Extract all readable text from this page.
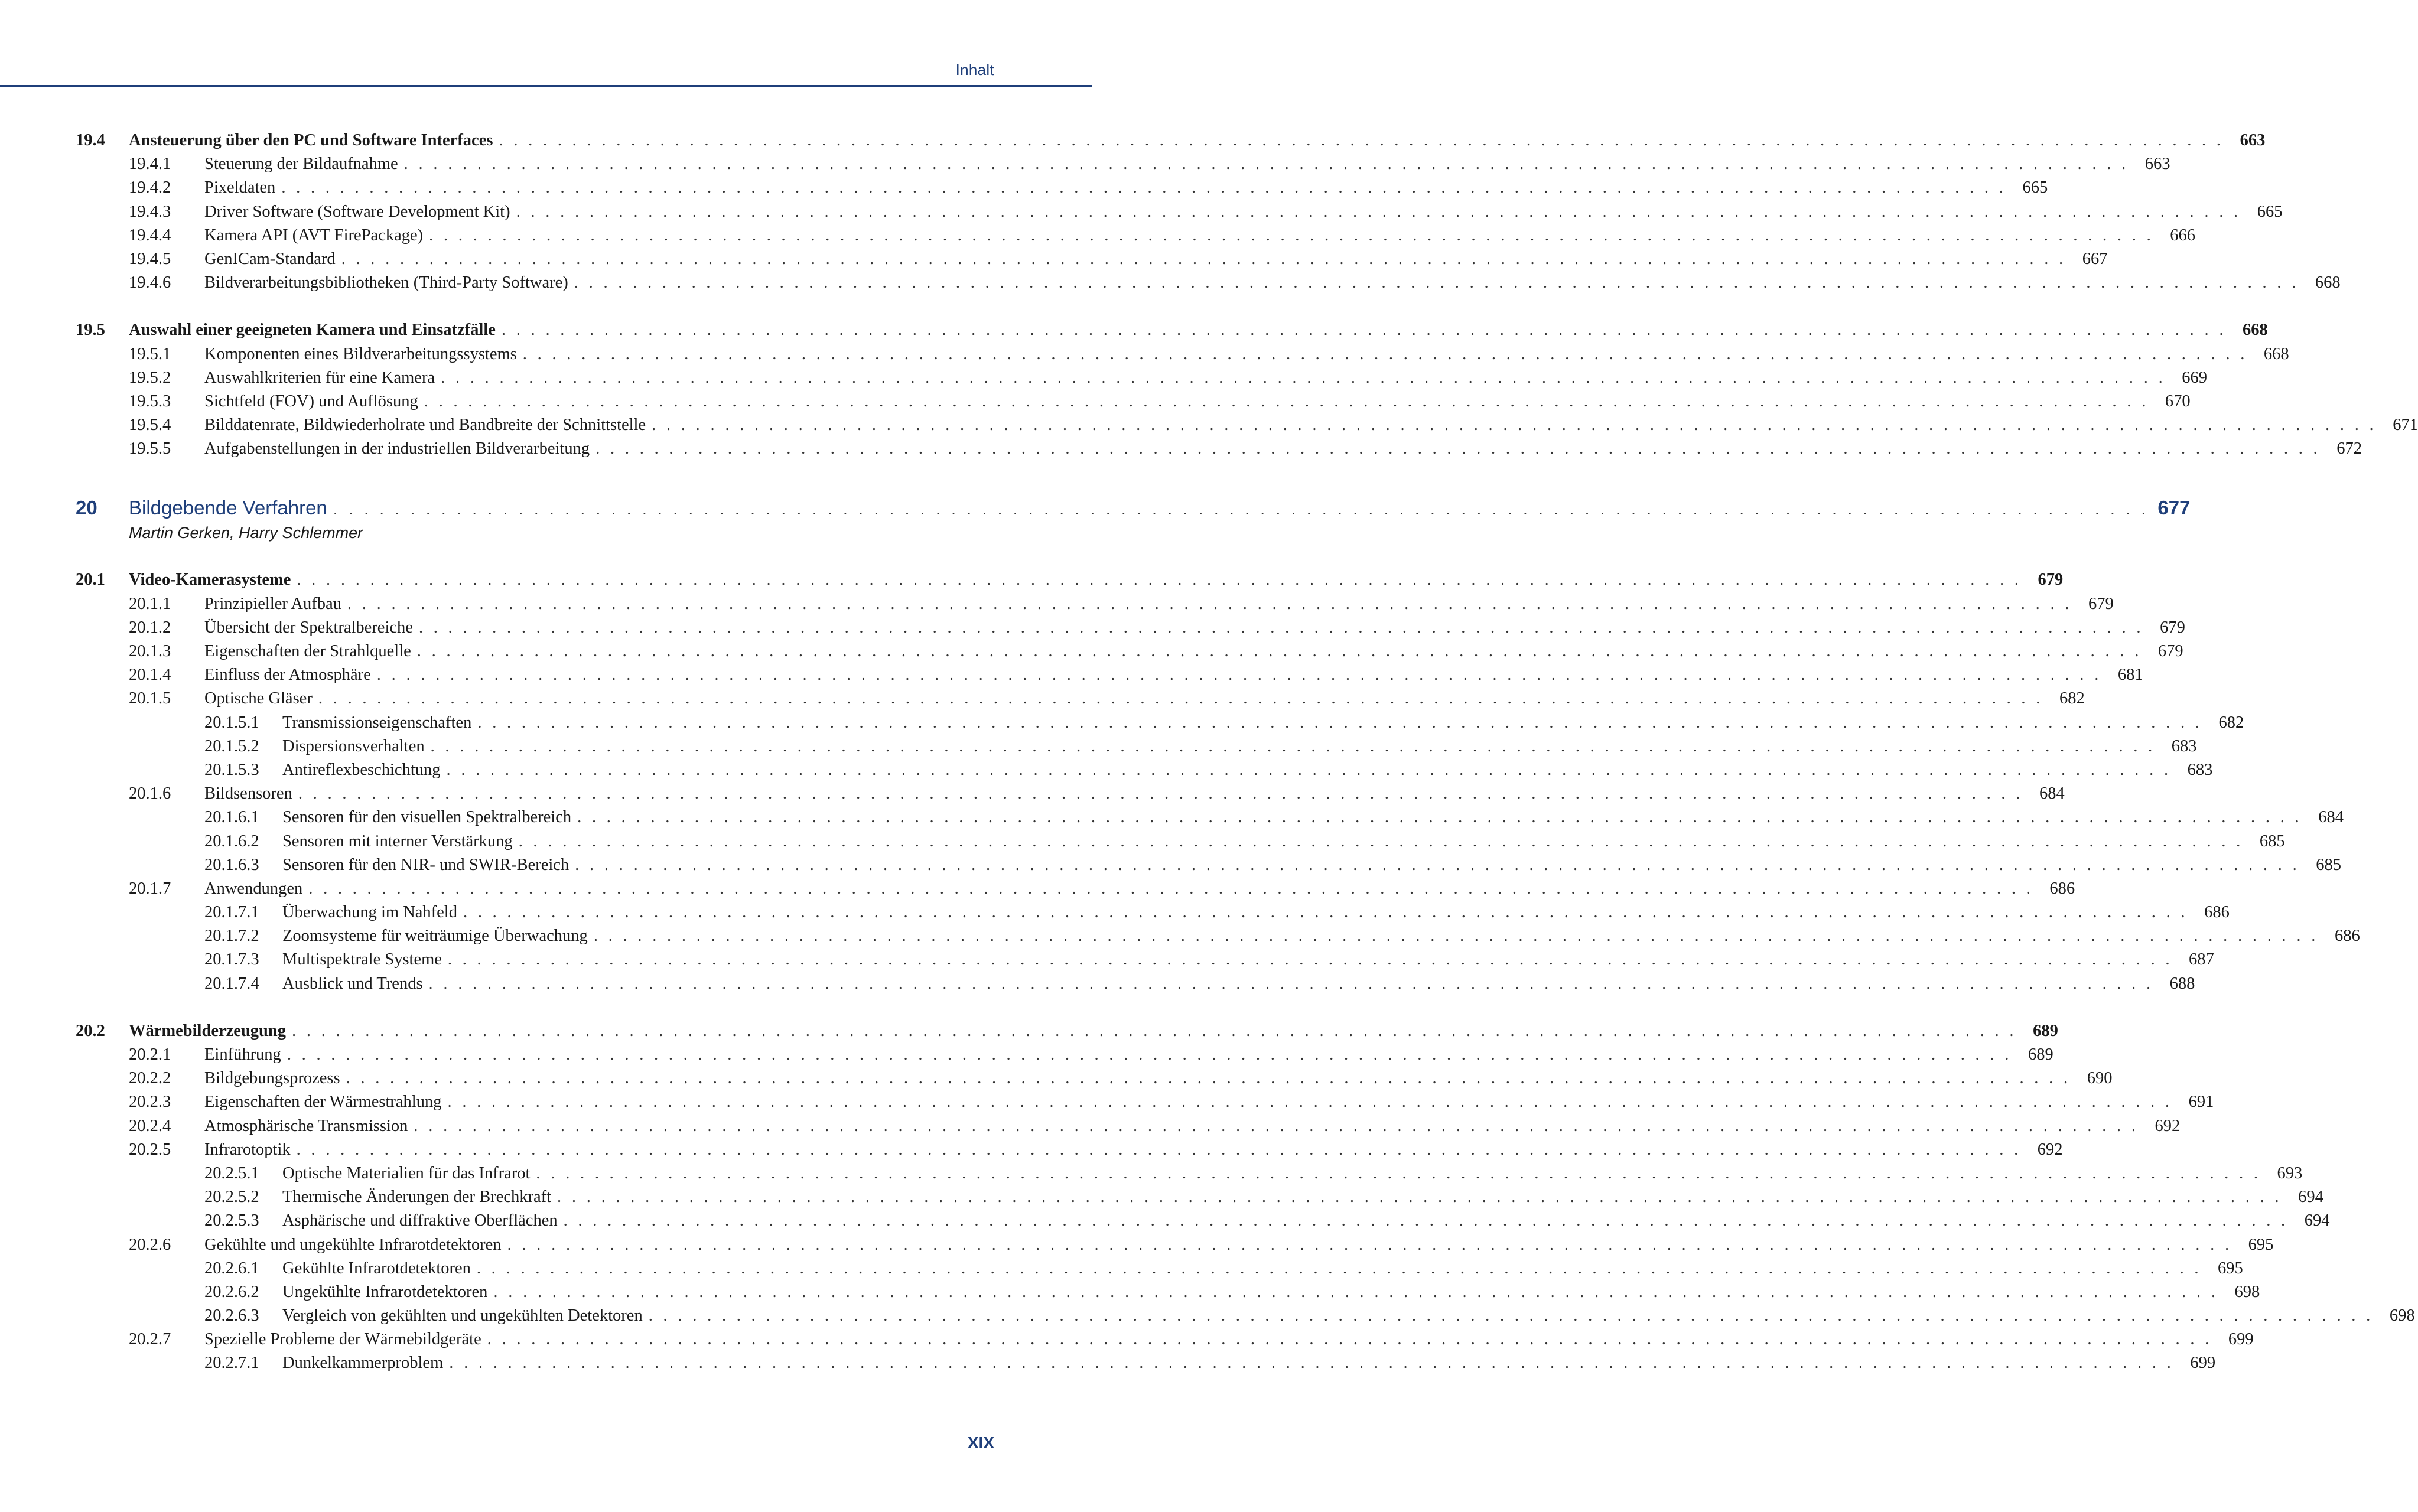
Inhalt
19.4 Ansteuerung über den PC und Software Interfaces . . . . . . . . . . . . . . . . . . . . . . . . . . . . . . . . . . . . . . . . . . . . . . . . . . . . . . . . . . . . . . . . . . . . . . . . . . . . . . . . . . . . . . . . . . . . . . . . . . . . . . . . . . . . . . . . . . . . . . 663
19.4.1 Steuerung der Bildaufnahme . . . . . . . . . . . . . . . . . . . . . . . . . . . . . . . . . . . . . . . . . . . . . . . . . . . . . . . . . . . . . . . . . . . . . . . . . . . . . . . . . . . . . . . . . . . . . . . . . . . . . . . . . . . . . . . . . . . . . . 663
19.4.2 Pixeldaten . . . . . . . . . . . . . . . . . . . . . . . . . . . . . . . . . . . . . . . . . . . . . . . . . . . . . . . . . . . . . . . . . . . . . . . . . . . . . . . . . . . . . . . . . . . . . . . . . . . . . . . . . . . . . . . . . . . . . . 665
19.4.3 Driver Software (Software Development Kit) . . . . . . . . . . . . . . . . . . . . . . . . . . . . . . . . . . . . . . . . . . . . . . . . . . . . . . . . . . . . . . . . . . . . . . . . . . . . . . . . . . . . . . . . . . . . . . . . . . . . . . . . . . . . . . . . . . . . . . 665
19.4.4 Kamera API (AVT FirePackage) . . . . . . . . . . . . . . . . . . . . . . . . . . . . . . . . . . . . . . . . . . . . . . . . . . . . . . . . . . . . . . . . . . . . . . . . . . . . . . . . . . . . . . . . . . . . . . . . . . . . . . . . . . . . . . . . . . . . . . 666
19.4.5 GenICam-Standard . . . . . . . . . . . . . . . . . . . . . . . . . . . . . . . . . . . . . . . . . . . . . . . . . . . . . . . . . . . . . . . . . . . . . . . . . . . . . . . . . . . . . . . . . . . . . . . . . . . . . . . . . . . . . . . . . . . . . . 667
19.4.6 Bildverarbeitungsbibliotheken (Third-Party Software) . . . . . . . . . . . . . . . . . . . . . . . . . . . . . . . . . . . . . . . . . . . . . . . . . . . . . . . . . . . . . . . . . . . . . . . . . . . . . . . . . . . . . . . . . . . . . . . . . . . . . . . . . . . . . . . . . . . . . . 668
19.5 Auswahl einer geeigneten Kamera und Einsatzfälle . . . . . . . . . . . . . . . . . . . . . . . . . . . . . . . . . . . . . . . . . . . . . . . . . . . . . . . . . . . . . . . . . . . . . . . . . . . . . . . . . . . . . . . . . . . . . . . . . . . . . . . . . . . . . . . . . . . . . . 668
19.5.1 Komponenten eines Bildverarbeitungssystems . . . . . . . . . . . . . . . . . . . . . . . . . . . . . . . . . . . . . . . . . . . . . . . . . . . . . . . . . . . . . . . . . . . . . . . . . . . . . . . . . . . . . . . . . . . . . . . . . . . . . . . . . . . . . . . . . . . . . . 668
19.5.2 Auswahlkriterien für eine Kamera . . . . . . . . . . . . . . . . . . . . . . . . . . . . . . . . . . . . . . . . . . . . . . . . . . . . . . . . . . . . . . . . . . . . . . . . . . . . . . . . . . . . . . . . . . . . . . . . . . . . . . . . . . . . . . . . . . . . . . 669
19.5.3 Sichtfeld (FOV) und Auflösung . . . . . . . . . . . . . . . . . . . . . . . . . . . . . . . . . . . . . . . . . . . . . . . . . . . . . . . . . . . . . . . . . . . . . . . . . . . . . . . . . . . . . . . . . . . . . . . . . . . . . . . . . . . . . . . . . . . . . . 670
19.5.4 Bilddatenrate, Bildwiederholrate und Bandbreite der Schnittstelle . . . . . . . . . . . . . . . . . . . . . . . . . . . . . . . . . . . . . . . . . . . . . . . . . . . . . . . . . . . . . . . . . . . . . . . . . . . . . . . . . . . . . . . . . . . . . . . . . . . . . . . . . . . . . . . . . . . . . . 671
19.5.5 Aufgabenstellungen in der industriellen Bildverarbeitung . . . . . . . . . . . . . . . . . . . . . . . . . . . . . . . . . . . . . . . . . . . . . . . . . . . . . . . . . . . . . . . . . . . . . . . . . . . . . . . . . . . . . . . . . . . . . . . . . . . . . . . . . . . . . . . . . . . . . . 672
20 Bildgebende Verfahren . . . . . . . . . . . . . . . . . . . . . . . . . . . . . . . . . . . . . . . . . . . . . . . . . . . . . . . . . . . . . . . . . . . . . . . . . . . . . . . . . . . . . . . . . . . . . . . . . . . . . . . . . . . . . . . . . . . . . . 677
Martin Gerken, Harry Schlemmer
20.1 Video-Kamerasysteme . . . . . . . . . . . . . . . . . . . . . . . . . . . . . . . . . . . . . . . . . . . . . . . . . . . . . . . . . . . . . . . . . . . . . . . . . . . . . . . . . . . . . . . . . . . . . . . . . . . . . . . . . . . . . . . . . . . . . . 679
20.1.1 Prinzipieller Aufbau . . . . . . . . . . . . . . . . . . . . . . . . . . . . . . . . . . . . . . . . . . . . . . . . . . . . . . . . . . . . . . . . . . . . . . . . . . . . . . . . . . . . . . . . . . . . . . . . . . . . . . . . . . . . . . . . . . . . . . 679
20.1.2 Übersicht der Spektralbereiche . . . . . . . . . . . . . . . . . . . . . . . . . . . . . . . . . . . . . . . . . . . . . . . . . . . . . . . . . . . . . . . . . . . . . . . . . . . . . . . . . . . . . . . . . . . . . . . . . . . . . . . . . . . . . . . . . . . . . . 679
20.1.3 Eigenschaften der Strahlquelle . . . . . . . . . . . . . . . . . . . . . . . . . . . . . . . . . . . . . . . . . . . . . . . . . . . . . . . . . . . . . . . . . . . . . . . . . . . . . . . . . . . . . . . . . . . . . . . . . . . . . . . . . . . . . . . . . . . . . . 679
20.1.4 Einfluss der Atmosphäre . . . . . . . . . . . . . . . . . . . . . . . . . . . . . . . . . . . . . . . . . . . . . . . . . . . . . . . . . . . . . . . . . . . . . . . . . . . . . . . . . . . . . . . . . . . . . . . . . . . . . . . . . . . . . . . . . . . . . . 681
20.1.5 Optische Gläser . . . . . . . . . . . . . . . . . . . . . . . . . . . . . . . . . . . . . . . . . . . . . . . . . . . . . . . . . . . . . . . . . . . . . . . . . . . . . . . . . . . . . . . . . . . . . . . . . . . . . . . . . . . . . . . . . . . . . . 682
20.1.5.1 Transmissionseigenschaften . . . . . . . . . . . . . . . . . . . . . . . . . . . . . . . . . . . . . . . . . . . . . . . . . . . . . . . . . . . . . . . . . . . . . . . . . . . . . . . . . . . . . . . . . . . . . . . . . . . . . . . . . . . . . . . . . . . . . . 682
20.1.5.2 Dispersionsverhalten . . . . . . . . . . . . . . . . . . . . . . . . . . . . . . . . . . . . . . . . . . . . . . . . . . . . . . . . . . . . . . . . . . . . . . . . . . . . . . . . . . . . . . . . . . . . . . . . . . . . . . . . . . . . . . . . . . . . . . 683
20.1.5.3 Antireflexbeschichtung . . . . . . . . . . . . . . . . . . . . . . . . . . . . . . . . . . . . . . . . . . . . . . . . . . . . . . . . . . . . . . . . . . . . . . . . . . . . . . . . . . . . . . . . . . . . . . . . . . . . . . . . . . . . . . . . . . . . . . 683
20.1.6 Bildsensoren . . . . . . . . . . . . . . . . . . . . . . . . . . . . . . . . . . . . . . . . . . . . . . . . . . . . . . . . . . . . . . . . . . . . . . . . . . . . . . . . . . . . . . . . . . . . . . . . . . . . . . . . . . . . . . . . . . . . . . 684
20.1.6.1 Sensoren für den visuellen Spektralbereich . . . . . . . . . . . . . . . . . . . . . . . . . . . . . . . . . . . . . . . . . . . . . . . . . . . . . . . . . . . . . . . . . . . . . . . . . . . . . . . . . . . . . . . . . . . . . . . . . . . . . . . . . . . . . . . . . . . . . . 684
20.1.6.2 Sensoren mit interner Verstärkung . . . . . . . . . . . . . . . . . . . . . . . . . . . . . . . . . . . . . . . . . . . . . . . . . . . . . . . . . . . . . . . . . . . . . . . . . . . . . . . . . . . . . . . . . . . . . . . . . . . . . . . . . . . . . . . . . . . . . . 685
20.1.6.3 Sensoren für den NIR- und SWIR-Bereich . . . . . . . . . . . . . . . . . . . . . . . . . . . . . . . . . . . . . . . . . . . . . . . . . . . . . . . . . . . . . . . . . . . . . . . . . . . . . . . . . . . . . . . . . . . . . . . . . . . . . . . . . . . . . . . . . . . . . . 685
20.1.7 Anwendungen . . . . . . . . . . . . . . . . . . . . . . . . . . . . . . . . . . . . . . . . . . . . . . . . . . . . . . . . . . . . . . . . . . . . . . . . . . . . . . . . . . . . . . . . . . . . . . . . . . . . . . . . . . . . . . . . . . . . . . 686
20.1.7.1 Überwachung im Nahfeld . . . . . . . . . . . . . . . . . . . . . . . . . . . . . . . . . . . . . . . . . . . . . . . . . . . . . . . . . . . . . . . . . . . . . . . . . . . . . . . . . . . . . . . . . . . . . . . . . . . . . . . . . . . . . . . . . . . . . . 686
20.1.7.2 Zoomsysteme für weiträumige Überwachung . . . . . . . . . . . . . . . . . . . . . . . . . . . . . . . . . . . . . . . . . . . . . . . . . . . . . . . . . . . . . . . . . . . . . . . . . . . . . . . . . . . . . . . . . . . . . . . . . . . . . . . . . . . . . . . . . . . . . . 686
20.1.7.3 Multispektrale Systeme . . . . . . . . . . . . . . . . . . . . . . . . . . . . . . . . . . . . . . . . . . . . . . . . . . . . . . . . . . . . . . . . . . . . . . . . . . . . . . . . . . . . . . . . . . . . . . . . . . . . . . . . . . . . . . . . . . . . . . 687
20.1.7.4 Ausblick und Trends . . . . . . . . . . . . . . . . . . . . . . . . . . . . . . . . . . . . . . . . . . . . . . . . . . . . . . . . . . . . . . . . . . . . . . . . . . . . . . . . . . . . . . . . . . . . . . . . . . . . . . . . . . . . . . . . . . . . . . 688
20.2 Wärmebilderzeugung . . . . . . . . . . . . . . . . . . . . . . . . . . . . . . . . . . . . . . . . . . . . . . . . . . . . . . . . . . . . . . . . . . . . . . . . . . . . . . . . . . . . . . . . . . . . . . . . . . . . . . . . . . . . . . . . . . . . . . 689
20.2.1 Einführung . . . . . . . . . . . . . . . . . . . . . . . . . . . . . . . . . . . . . . . . . . . . . . . . . . . . . . . . . . . . . . . . . . . . . . . . . . . . . . . . . . . . . . . . . . . . . . . . . . . . . . . . . . . . . . . . . . . . . . 689
20.2.2 Bildgebungsprozess . . . . . . . . . . . . . . . . . . . . . . . . . . . . . . . . . . . . . . . . . . . . . . . . . . . . . . . . . . . . . . . . . . . . . . . . . . . . . . . . . . . . . . . . . . . . . . . . . . . . . . . . . . . . . . . . . . . . . . 690
20.2.3 Eigenschaften der Wärmestrahlung . . . . . . . . . . . . . . . . . . . . . . . . . . . . . . . . . . . . . . . . . . . . . . . . . . . . . . . . . . . . . . . . . . . . . . . . . . . . . . . . . . . . . . . . . . . . . . . . . . . . . . . . . . . . . . . . . . . . . . 691
20.2.4 Atmosphärische Transmission . . . . . . . . . . . . . . . . . . . . . . . . . . . . . . . . . . . . . . . . . . . . . . . . . . . . . . . . . . . . . . . . . . . . . . . . . . . . . . . . . . . . . . . . . . . . . . . . . . . . . . . . . . . . . . . . . . . . . . 692
20.2.5 Infrarotoptik . . . . . . . . . . . . . . . . . . . . . . . . . . . . . . . . . . . . . . . . . . . . . . . . . . . . . . . . . . . . . . . . . . . . . . . . . . . . . . . . . . . . . . . . . . . . . . . . . . . . . . . . . . . . . . . . . . . . . . 692
20.2.5.1 Optische Materialien für das Infrarot . . . . . . . . . . . . . . . . . . . . . . . . . . . . . . . . . . . . . . . . . . . . . . . . . . . . . . . . . . . . . . . . . . . . . . . . . . . . . . . . . . . . . . . . . . . . . . . . . . . . . . . . . . . . . . . . . . . . . . 693
20.2.5.2 Thermische Änderungen der Brechkraft . . . . . . . . . . . . . . . . . . . . . . . . . . . . . . . . . . . . . . . . . . . . . . . . . . . . . . . . . . . . . . . . . . . . . . . . . . . . . . . . . . . . . . . . . . . . . . . . . . . . . . . . . . . . . . . . . . . . . . 694
20.2.5.3 Asphärische und diffraktive Oberflächen . . . . . . . . . . . . . . . . . . . . . . . . . . . . . . . . . . . . . . . . . . . . . . . . . . . . . . . . . . . . . . . . . . . . . . . . . . . . . . . . . . . . . . . . . . . . . . . . . . . . . . . . . . . . . . . . . . . . . . 694
20.2.6 Gekühlte und ungekühlte Infrarotdetektoren . . . . . . . . . . . . . . . . . . . . . . . . . . . . . . . . . . . . . . . . . . . . . . . . . . . . . . . . . . . . . . . . . . . . . . . . . . . . . . . . . . . . . . . . . . . . . . . . . . . . . . . . . . . . . . . . . . . . . . 695
20.2.6.1 Gekühlte Infrarotdetektoren . . . . . . . . . . . . . . . . . . . . . . . . . . . . . . . . . . . . . . . . . . . . . . . . . . . . . . . . . . . . . . . . . . . . . . . . . . . . . . . . . . . . . . . . . . . . . . . . . . . . . . . . . . . . . . . . . . . . . . 695
20.2.6.2 Ungekühlte Infrarotdetektoren . . . . . . . . . . . . . . . . . . . . . . . . . . . . . . . . . . . . . . . . . . . . . . . . . . . . . . . . . . . . . . . . . . . . . . . . . . . . . . . . . . . . . . . . . . . . . . . . . . . . . . . . . . . . . . . . . . . . . . 698
20.2.6.3 Vergleich von gekühlten und ungekühlten Detektoren . . . . . . . . . . . . . . . . . . . . . . . . . . . . . . . . . . . . . . . . . . . . . . . . . . . . . . . . . . . . . . . . . . . . . . . . . . . . . . . . . . . . . . . . . . . . . . . . . . . . . . . . . . . . . . . . . . . . . . 698
20.2.7 Spezielle Probleme der Wärmebildgeräte . . . . . . . . . . . . . . . . . . . . . . . . . . . . . . . . . . . . . . . . . . . . . . . . . . . . . . . . . . . . . . . . . . . . . . . . . . . . . . . . . . . . . . . . . . . . . . . . . . . . . . . . . . . . . . . . . . . . . . 699
20.2.7.1 Dunkelkammerproblem . . . . . . . . . . . . . . . . . . . . . . . . . . . . . . . . . . . . . . . . . . . . . . . . . . . . . . . . . . . . . . . . . . . . . . . . . . . . . . . . . . . . . . . . . . . . . . . . . . . . . . . . . . . . . . . . . . . . . . 699
XIX
